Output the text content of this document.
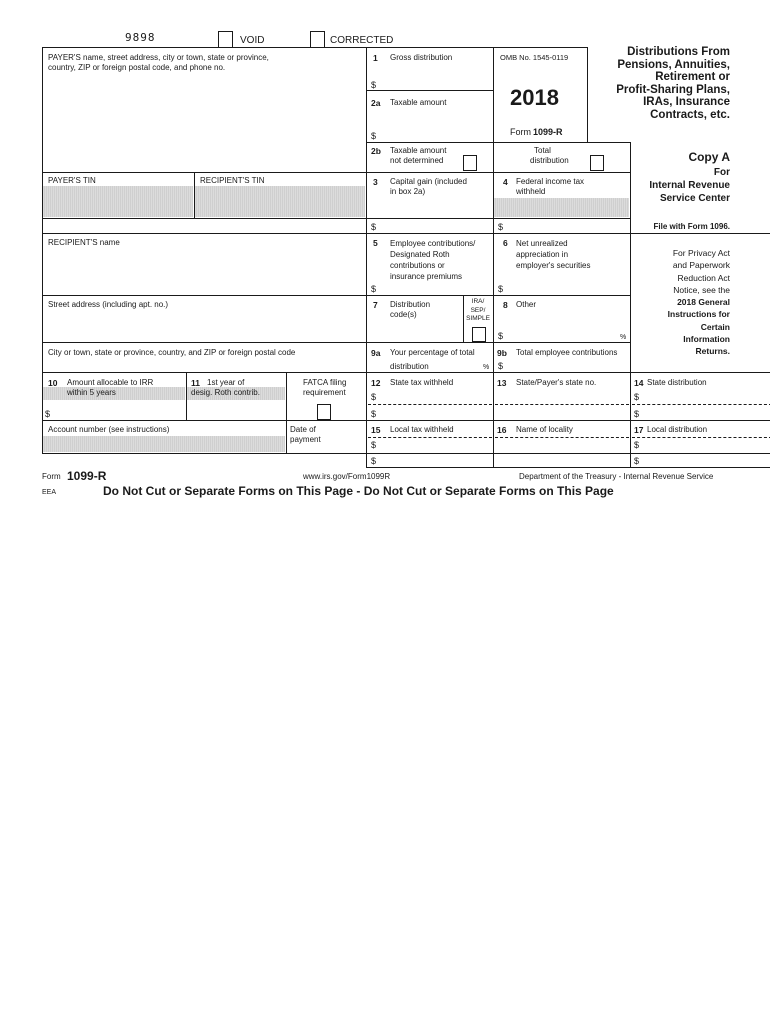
9898	VOID	CORRECTED
PAYER'S name, street address, city or town, state or province,
country, ZIP or foreign postal code, and phone no.
1 Gross distribution
$
OMB No. 1545-0119
2018
Form 1099-R
Distributions From
Pensions, Annuities,
Retirement or
Profit-Sharing Plans,
IRAs, Insurance
Contracts, etc.
2a Taxable amount
$
2b Taxable amount
not determined
Total
distribution	Copy A
For
Internal Revenue
Service Center
File with Form 1096.
For Privacy Act
and Paperwork
Reduction Act
Notice, see the
2018 General
Instructions for
Certain
Information
Returns.
PAYER'S TIN	RECIPIENT'S TIN	3 Capital gain (included
in box 2a)
$
4 Federal income tax
withheld
$
RECIPIENT'S name	5 Employee contributions/
Designated Roth
contributions or
insurance premiums
$
6 Net unrealized
appreciation in
employer's securities
$
Street address (including apt. no.)	7 Distribution
code(s)
IRA/
SEP/
SIMPLE
8 Other
$	%
City or town, state or province, country, and ZIP or foreign postal code	9a Your percentage of total
distribution	%
9b Total employee contributions
$
10 Amount allocable to IRR
within 5 years
$
11 1st year of
desig. Roth contrib.
FATCA filing
requirement
12 State tax withheld
$
$
13 State/Payer's state no.	14 State distribution
$
$
Account number (see instructions)	Date of
payment
15 Local tax withheld
$
$
16 Name of locality	17 Local distribution
$
$
Form 1099-R	www.irs.gov/Form1099R	Department of the Treasury - Internal Revenue Service
EEA	Do Not Cut or Separate Forms on This Page - Do Not Cut or Separate Forms on This Page
